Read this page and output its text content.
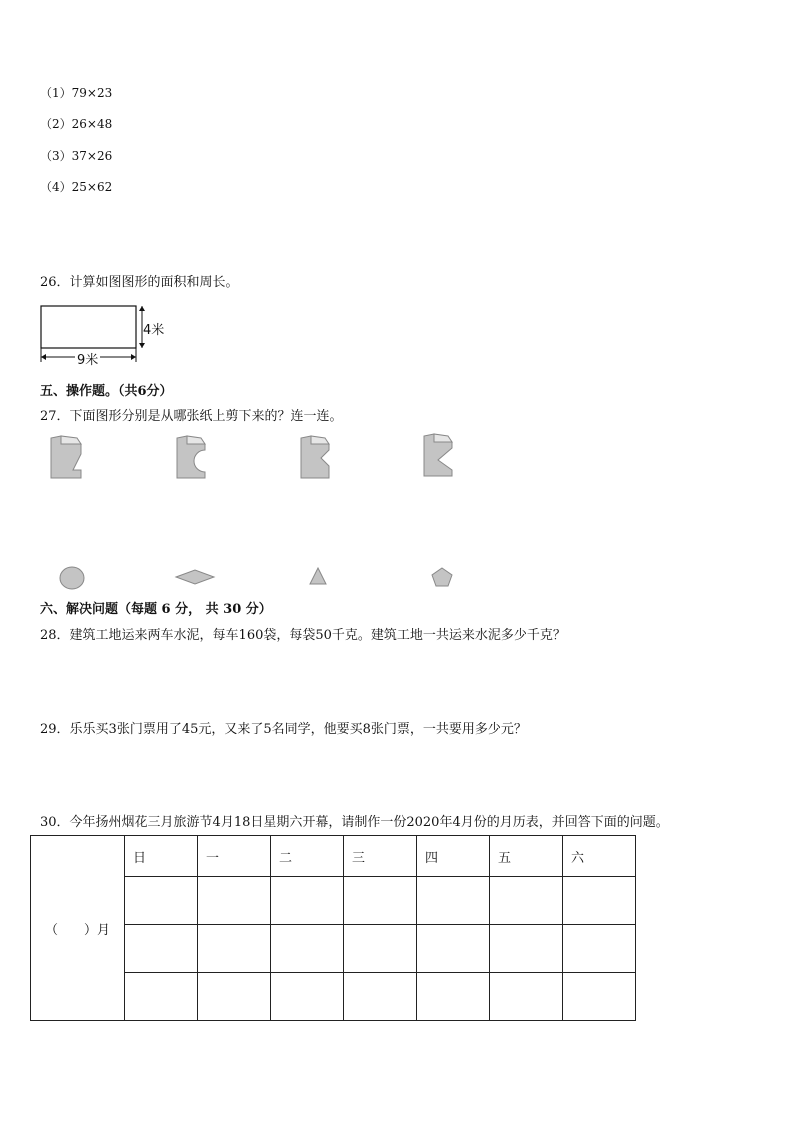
（1）79×23
（2）26×48
（3）37×26
（4）25×62
26．计算如图图形的面积和周长。
4米
9米
五、操作题。（共6分）
27．下面图形分别是从哪张纸上剪下来的？连一连。
六、解决问题（每题 6 分， 共 30 分）
28．建筑工地运来两车水泥，每车160袋，每袋50千克。建筑工地一共运来水泥多少千克？
29．乐乐买3张门票用了45元，又来了5名同学，他要买8张门票，一共要用多少元？
30．今年扬州烟花三月旅游节4月18日星期六开幕，请制作一份2020年4月份的月历表，并回答下面的问题。
（　　）月	日	一	二	三	四	五	六
